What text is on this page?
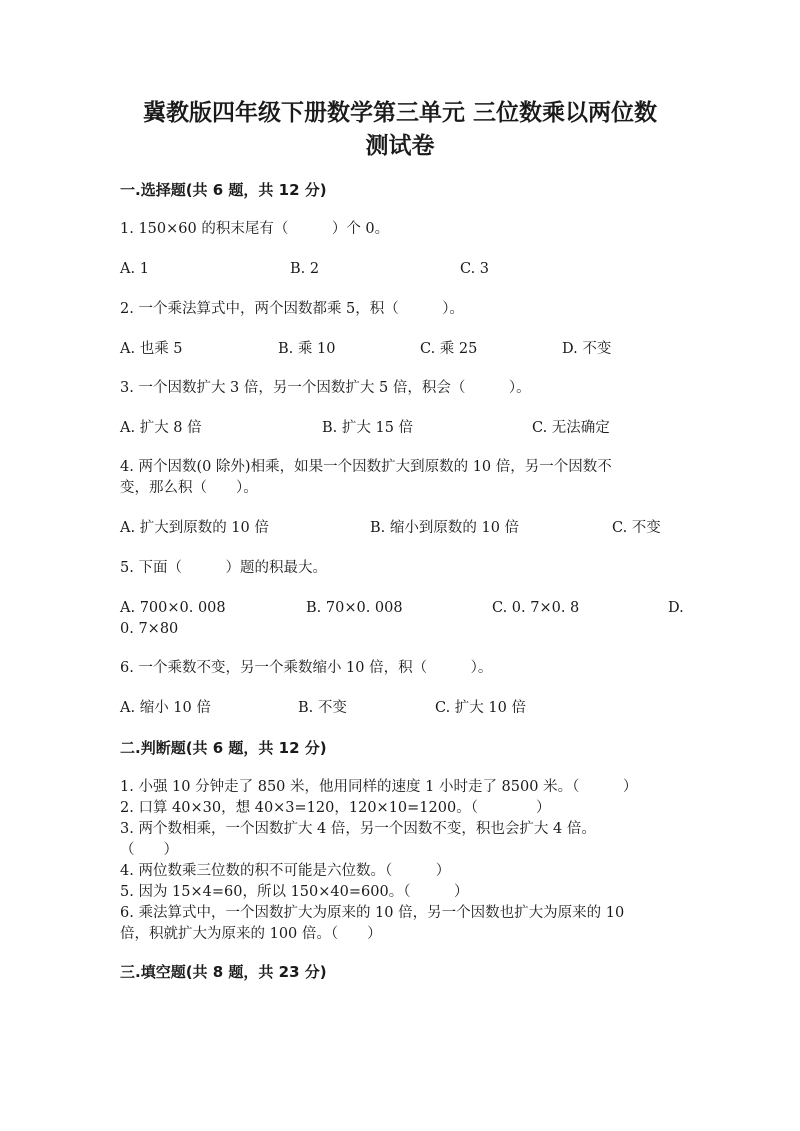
冀教版四年级下册数学第三单元 三位数乘以两位数
测试卷
一.选择题(共 6 题，共 12 分)
1. 150×60 的积末尾有（　　　）个 0。
A. 1	B. 2	C. 3
2. 一个乘法算式中，两个因数都乘 5，积（　　　）。
A. 也乘 5	B. 乘 10	C. 乘 25	D. 不变
3. 一个因数扩大 3 倍，另一个因数扩大 5 倍，积会（　　　）。
A. 扩大 8 倍	B. 扩大 15 倍	C. 无法确定
4. 两个因数(0 除外)相乘，如果一个因数扩大到原数的 10 倍，另一个因数不
变，那么积（　　）。
A. 扩大到原数的 10 倍	B. 缩小到原数的 10 倍	C. 不变
5. 下面（　　　）题的积最大。
A. 700×0. 008	B. 70×0. 008	C. 0. 7×0. 8	D.
0. 7×80
6. 一个乘数不变，另一个乘数缩小 10 倍，积（　　　）。
A. 缩小 10 倍	B. 不变	C. 扩大 10 倍
二.判断题(共 6 题，共 12 分)
1. 小强 10 分钟走了 850 米，他用同样的速度 1 小时走了 8500 米。（　　　）
2. 口算 40×30，想 40×3=120，120×10=1200。（　　　　）
3. 两个数相乘，一个因数扩大 4 倍，另一个因数不变，积也会扩大 4 倍。
（　　）
4. 两位数乘三位数的积不可能是六位数。（　　　）
5. 因为 15×4=60，所以 150×40=600。（　　　）
6. 乘法算式中，一个因数扩大为原来的 10 倍，另一个因数也扩大为原来的 10
倍，积就扩大为原来的 100 倍。（　　）
三.填空题(共 8 题，共 23 分)
